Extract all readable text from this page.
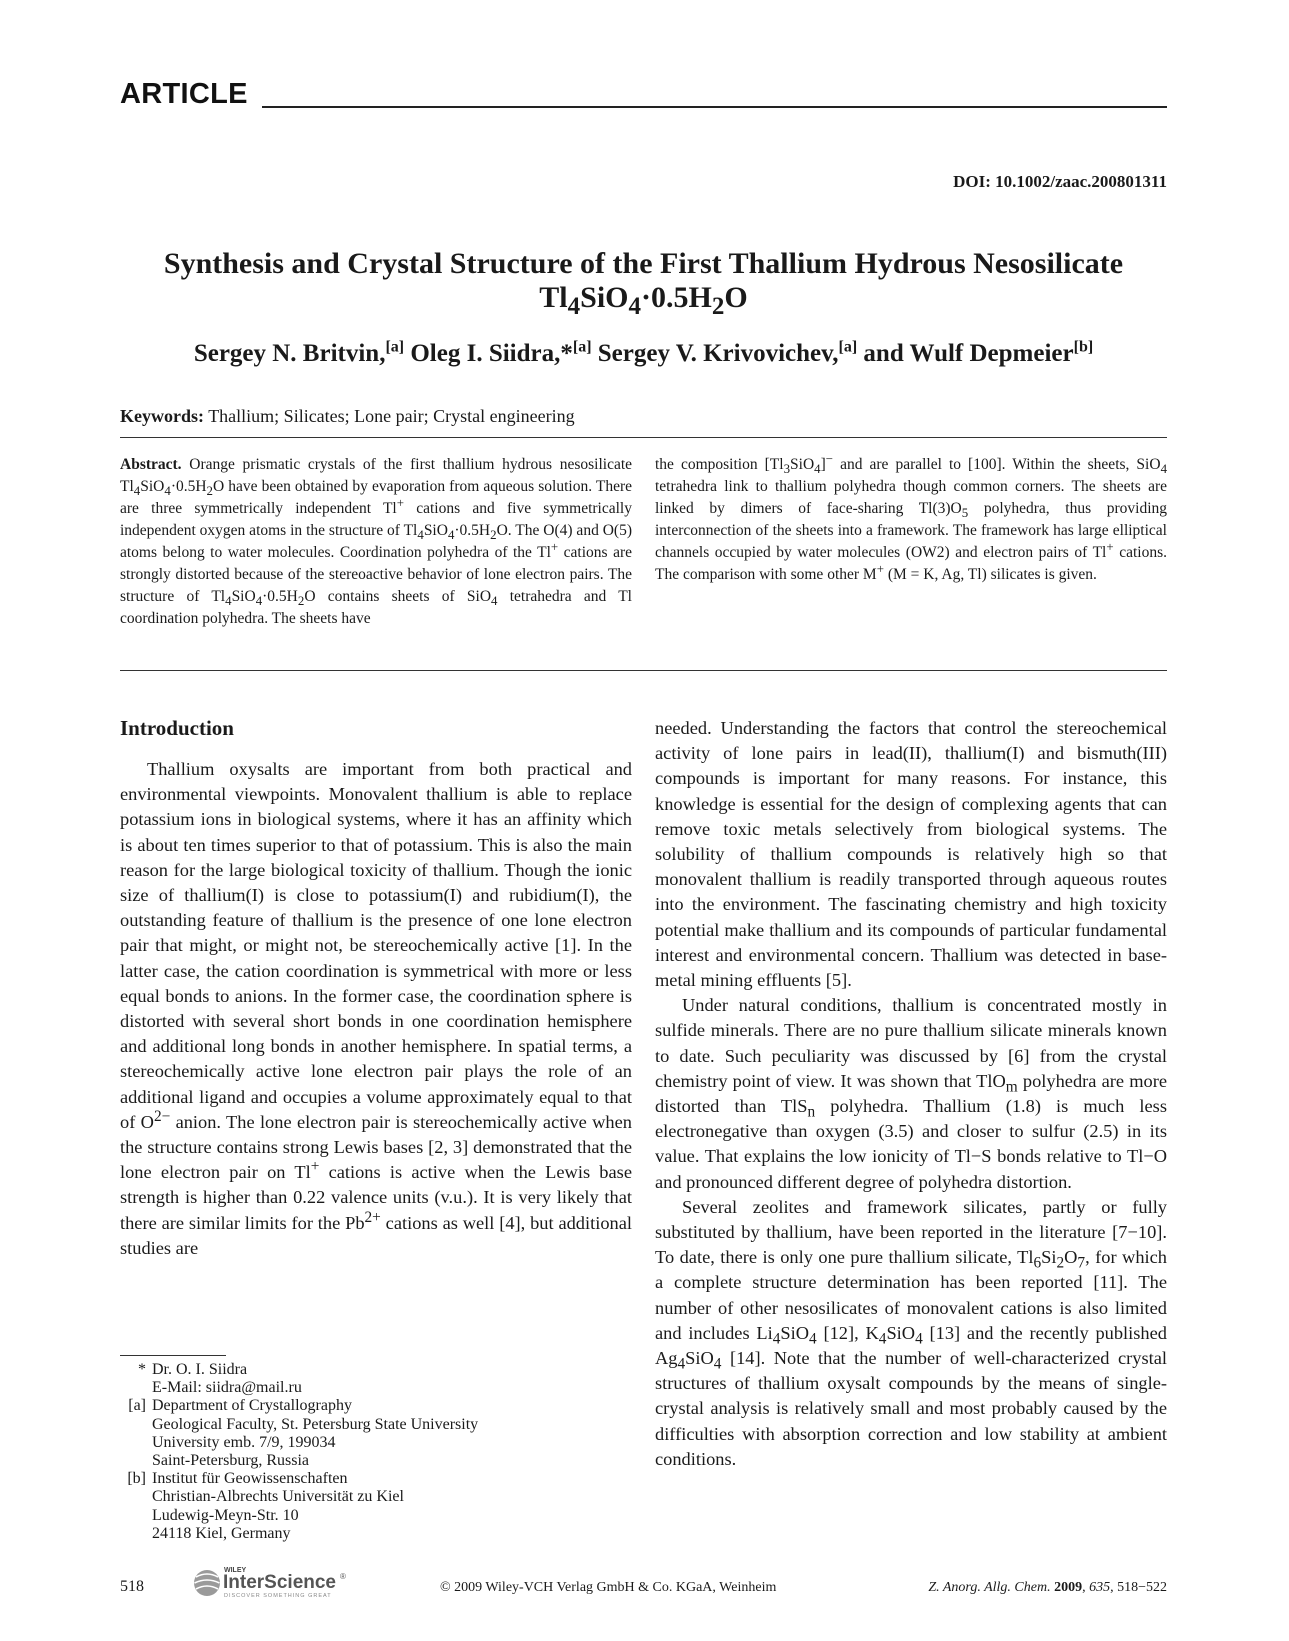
ARTICLE
DOI: 10.1002/zaac.200801311
Synthesis and Crystal Structure of the First Thallium Hydrous Nesosilicate
$Tl_4SiO_4\cdot 0.5H_2O$
Sergey N. Britvin,[a] Oleg I. Siidra,*[a] Sergey V. Krivovichev,[a] and Wulf Depmeier[b]
Keywords: Thallium; Silicates; Lone pair; Crystal engineering
Abstract. Orange prismatic crystals of the first thallium hydrous nesosilicate $Tl_4SiO_4\cdot 0.5H_2O$ have been obtained by evaporation from aqueous solution. There are three symmetrically independent Tl+ cations and five symmetrically independent oxygen atoms in the structure of $Tl_4SiO_4\cdot 0.5H_2O$. The O(4) and O(5) atoms belong to water molecules. Coordination polyhedra of the Tl+ cations are strongly distorted because of the stereoactive behavior of lone electron pairs. The structure of $Tl_4SiO_4\cdot 0.5H_2O$ contains sheets of SiO$_4$ tetrahedra and Tl coordination polyhedra. The sheets have
the composition $[Tl_3SiO_4]^-$ and are parallel to [100]. Within the sheets, SiO$_4$ tetrahedra link to thallium polyhedra though common corners. The sheets are linked by dimers of face-sharing $Tl(3)O_5$ polyhedra, thus providing interconnection of the sheets into a framework. The framework has large elliptical channels occupied by water molecules (OW2) and electron pairs of Tl+ cations. The comparison with some other M+ (M = K, Ag, Tl) silicates is given.
Introduction

Thallium oxysalts are important from both practical and environmental viewpoints. Monovalent thallium is able to replace potassium ions in biological systems, where it has an affinity which is about ten times superior to that of potassium. This is also the main reason for the large biological toxicity of thallium. Though the ionic size of thallium(I) is close to potassium(I) and rubidium(I), the outstanding feature of thallium is the presence of one lone electron pair that might, or might not, be stereochemically active [1]. In the latter case, the cation coordination is symmetrical with more or less equal bonds to anions. In the former case, the coordination sphere is distorted with several short bonds in one coordination hemisphere and additional long bonds in another hemisphere. In spatial terms, a stereochemically active lone electron pair plays the role of an additional ligand and occupies a volume approximately equal to that of $O^{2-}$ anion. The lone electron pair is stereochemically active when the structure contains strong Lewis bases [2, 3] demonstrated that the lone electron pair on Tl+ cations is active when the Lewis base strength is higher than 0.22 valence units (v.u.). It is very likely that there are similar limits for the $Pb^{2+}$ cations as well [4], but additional studies are

needed. Understanding the factors that control the stereochemical activity of lone pairs in lead(II), thallium(I) and bismuth(III) compounds is important for many reasons. For instance, this knowledge is essential for the design of complexing agents that can remove toxic metals selectively from biological systems. The solubility of thallium compounds is relatively high so that monovalent thallium is readily transported through aqueous routes into the environment. The fascinating chemistry and high toxicity potential make thallium and its compounds of particular fundamental interest and environmental concern. Thallium was detected in base-metal mining effluents [5].

Under natural conditions, thallium is concentrated mostly in sulfide minerals. There are no pure thallium silicate minerals known to date. Such peculiarity was discussed by [6] from the crystal chemistry point of view. It was shown that TlO$_m$ polyhedra are more distorted than TlS$_n$ polyhedra. Thallium (1.8) is much less electronegative than oxygen (3.5) and closer to sulfur (2.5) in its value. That explains the low ionicity of Tl−S bonds relative to Tl−O and pronounced different degree of polyhedra distortion.

Several zeolites and framework silicates, partly or fully substituted by thallium, have been reported in the literature [7−10]. To date, there is only one pure thallium silicate, $Tl_6Si_2O_7$, for which a complete structure determination has been reported [11]. The number of other nesosilicates of monovalent cations is also limited and includes $Li_4SiO_4$ [12], $K_4SiO_4$ [13] and the recently published $Ag_4SiO_4$ [14]. Note that the number of well-characterized crystal structures of thallium oxysalt compounds by the means of single-crystal analysis is relatively small and most probably caused by the difficulties with absorption correction and low stability at ambient conditions.

* Dr. O. I. Siidra
E-Mail: siidra@mail.ru
[a] Department of Crystallography
Geological Faculty, St. Petersburg State University
University emb. 7/9, 199034
Saint-Petersburg, Russia
[b] Institut für Geowissenschaften
Christian-Albrechts Universität zu Kiel
Ludewig-Meyn-Str. 10
24118 Kiel, Germany
518
WILEY
InterScience ®
DISCOVER SOMETHING GREAT
© 2009 Wiley-VCH Verlag GmbH & Co. KGaA, Weinheim	Z. Anorg. Allg. Chem. 2009, 635, 518−522
